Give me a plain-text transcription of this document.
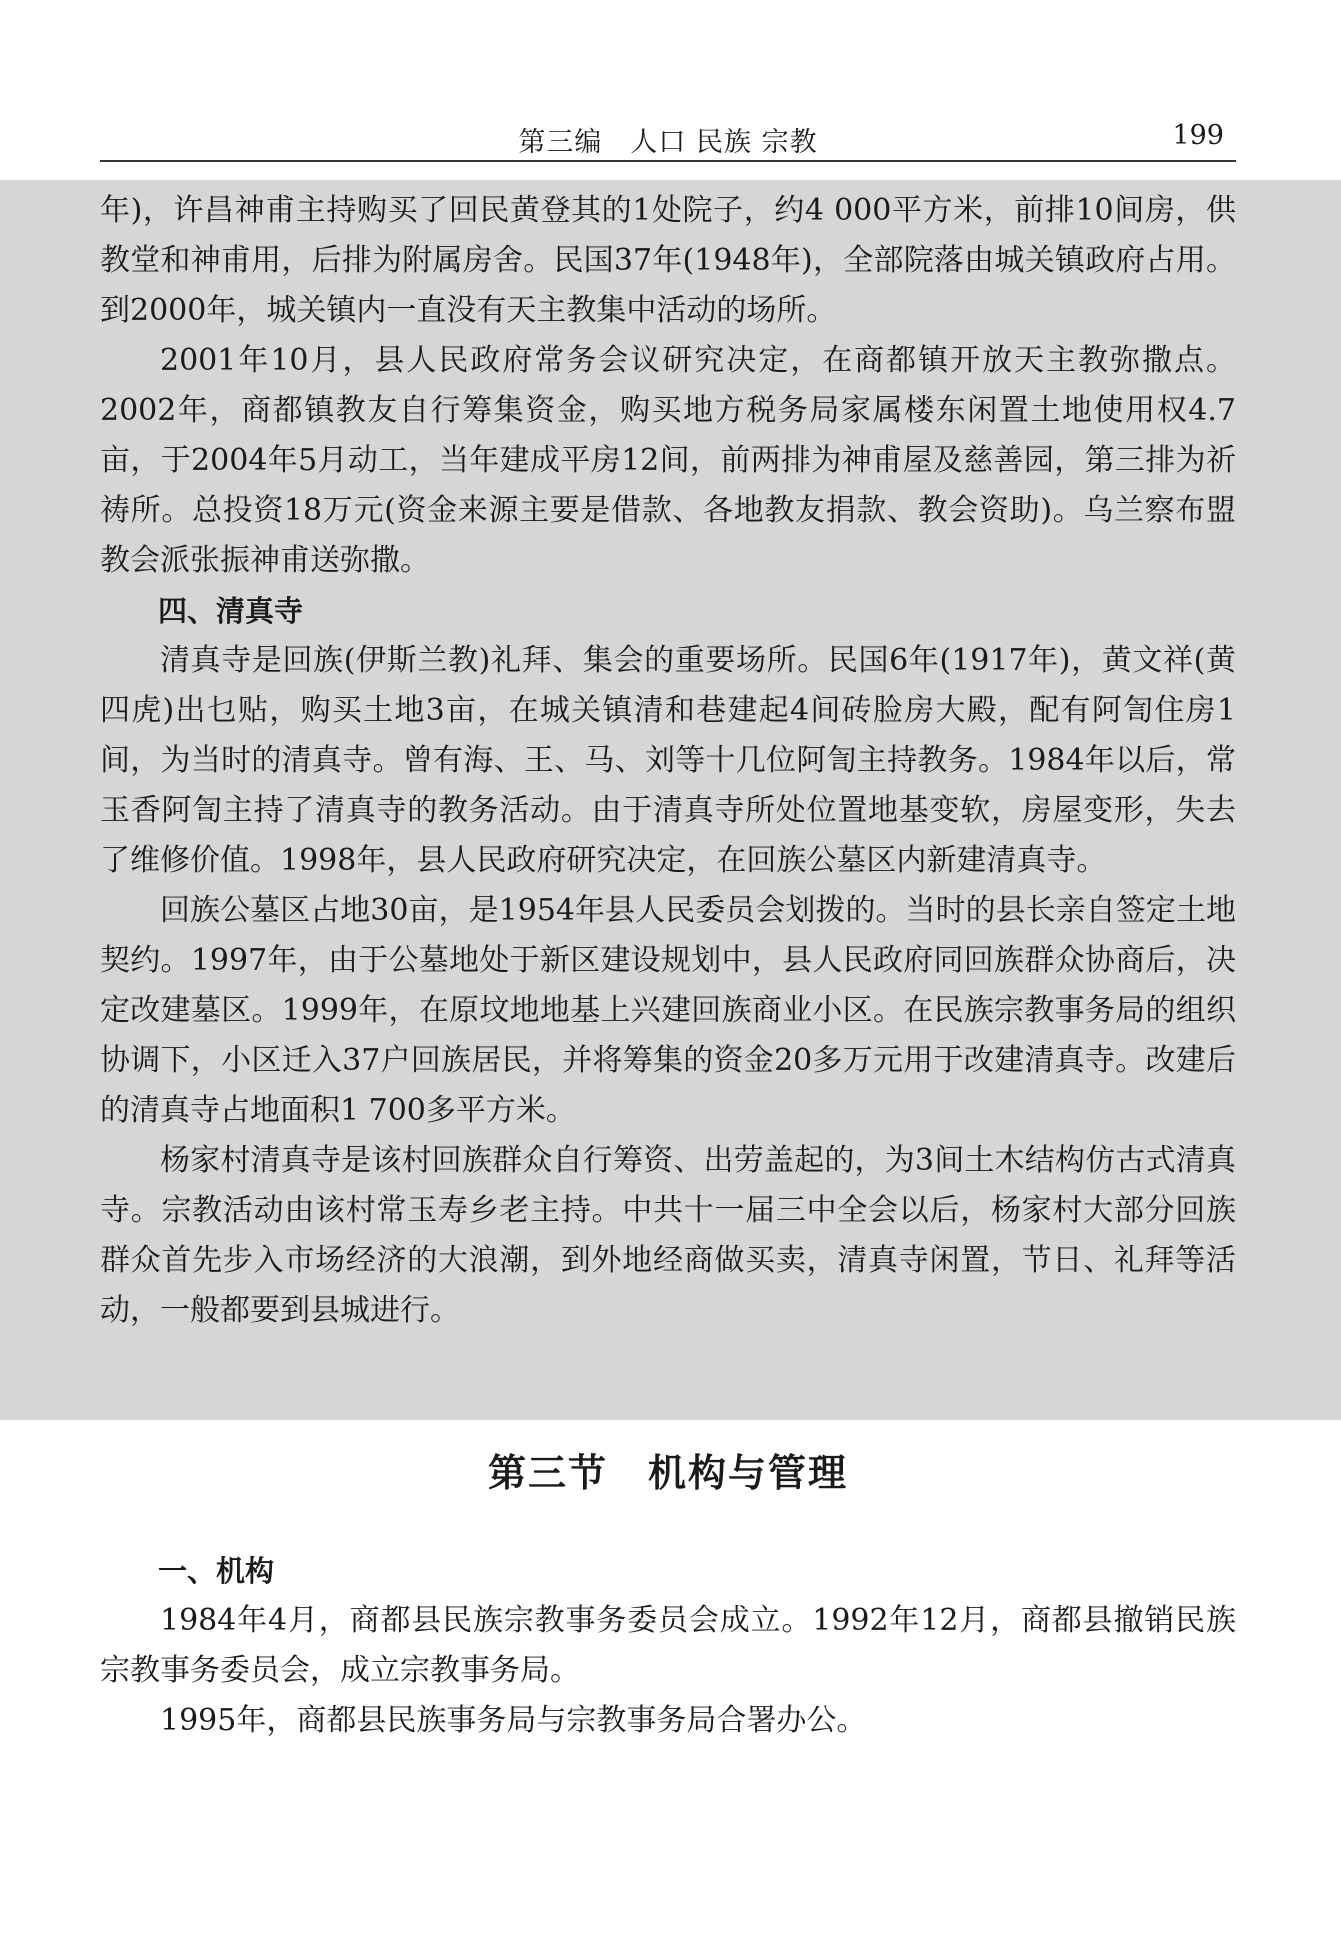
第三编　人口 民族 宗教	199

年)，许昌神甫主持购买了回民黄登其的1处院子，约4 000平方米，前排10间房，供教堂和神甫用，后排为附属房舍。民国37年(1948年)，全部院落由城关镇政府占用。到2000年，城关镇内一直没有天主教集中活动的场所。

2001年10月，县人民政府常务会议研究决定，在商都镇开放天主教弥撒点。2002年，商都镇教友自行筹集资金，购买地方税务局家属楼东闲置土地使用权4.7亩，于2004年5月动工，当年建成平房12间，前两排为神甫屋及慈善园，第三排为祈祷所。总投资18万元(资金来源主要是借款、各地教友捐款、教会资助)。乌兰察布盟教会派张振神甫送弥撒。

四、清真寺

清真寺是回族(伊斯兰教)礼拜、集会的重要场所。民国6年(1917年)，黄文祥(黄四虎)出乜贴，购买土地3亩，在城关镇清和巷建起4间砖脸房大殿，配有阿訇住房1间，为当时的清真寺。曾有海、王、马、刘等十几位阿訇主持教务。1984年以后，常玉香阿訇主持了清真寺的教务活动。由于清真寺所处位置地基变软，房屋变形，失去了维修价值。1998年，县人民政府研究决定，在回族公墓区内新建清真寺。

回族公墓区占地30亩，是1954年县人民委员会划拨的。当时的县长亲自签定土地契约。1997年，由于公墓地处于新区建设规划中，县人民政府同回族群众协商后，决定改建墓区。1999年，在原坟地地基上兴建回族商业小区。在民族宗教事务局的组织协调下，小区迁入37户回族居民，并将筹集的资金20多万元用于改建清真寺。改建后的清真寺占地面积1 700多平方米。

杨家村清真寺是该村回族群众自行筹资、出劳盖起的，为3间土木结构仿古式清真寺。宗教活动由该村常玉寿乡老主持。中共十一届三中全会以后，杨家村大部分回族群众首先步入市场经济的大浪潮，到外地经商做买卖，清真寺闲置，节日、礼拜等活动，一般都要到县城进行。

第三节　机构与管理

一、机构

1984年4月，商都县民族宗教事务委员会成立。1992年12月，商都县撤销民族宗教事务委员会，成立宗教事务局。

1995年，商都县民族事务局与宗教事务局合署办公。
